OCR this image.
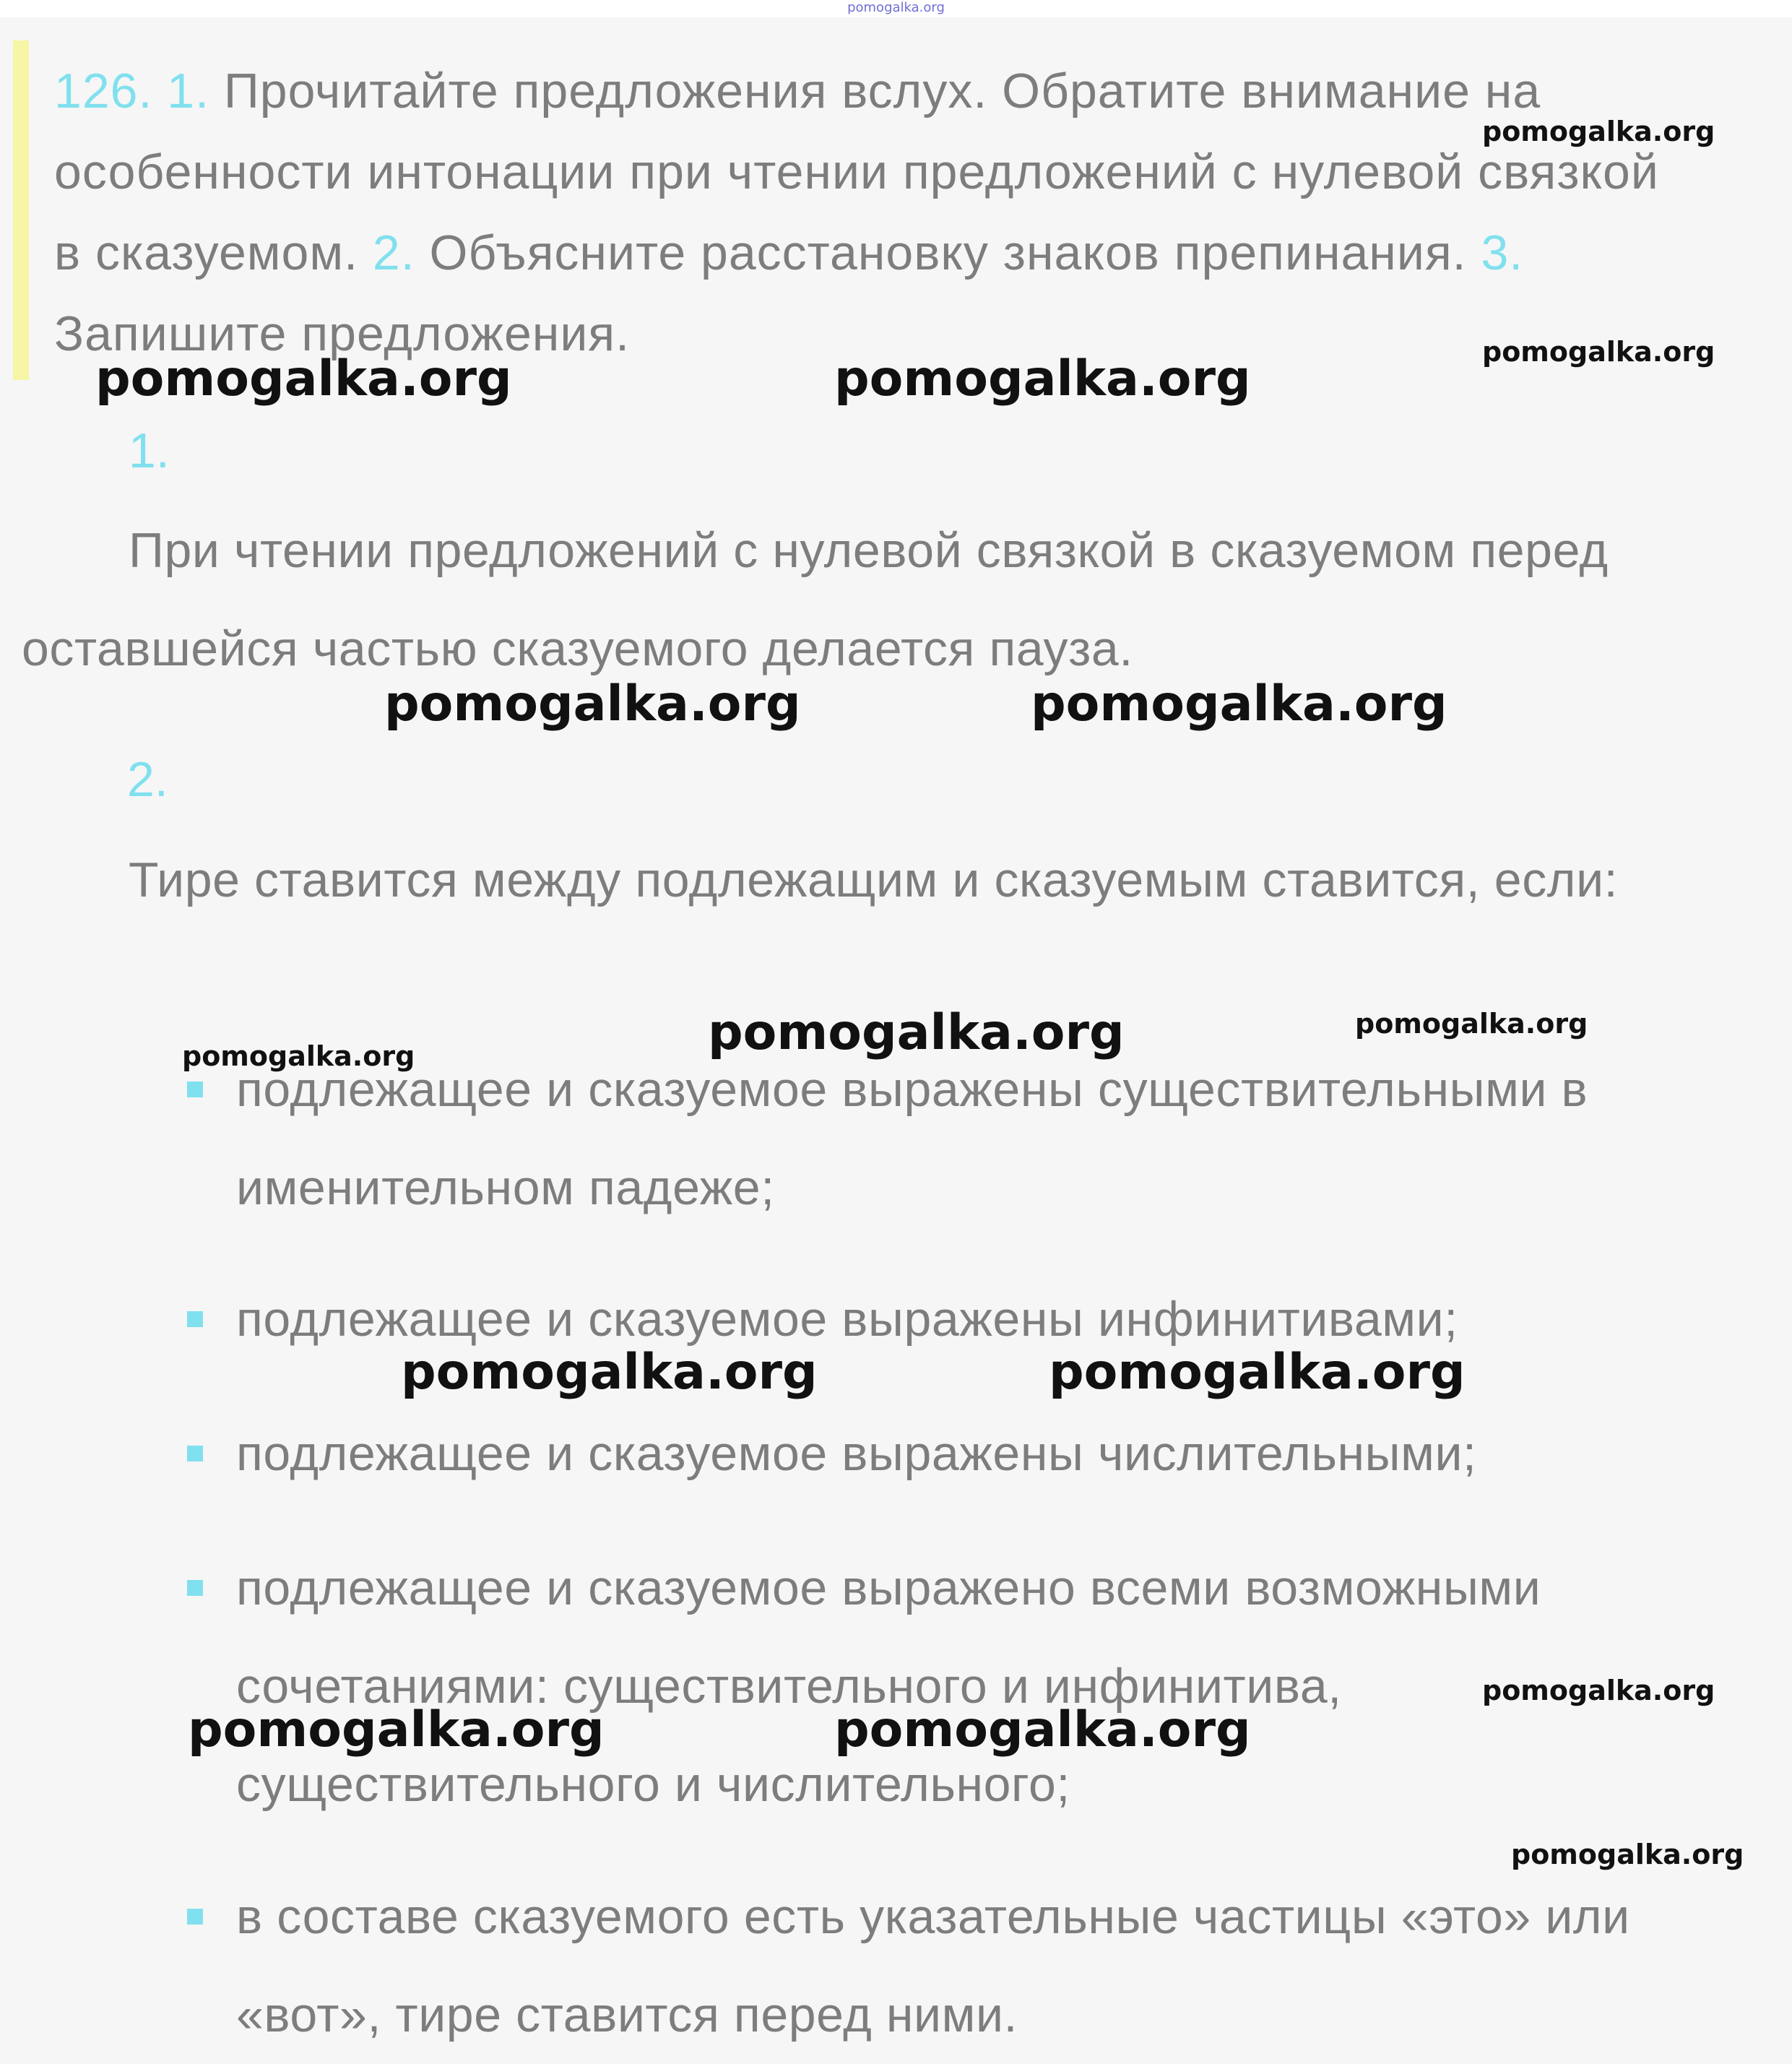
pomogalka.org
126. 1. Прочитайте предложения вслух. Обратите внимание на особенности интонации при чтении предложений с нулевой связкой в сказуемом. 2. Объясните расстановку знаков препинания. 3. Запишите предложения.
1.
При чтении предложений с нулевой связкой в сказуемом перед оставшейся частью сказуемого делается пауза.
2.
Тире ставится между подлежащим и сказуемым ставится, если:
подлежащее и сказуемое выражены существительными в именительном падеже;
подлежащее и сказуемое выражены инфинитивами;
подлежащее и сказуемое выражены числительными;
подлежащее и сказуемое выражено всеми возможными сочетаниями: существительного и инфинитива, существительного и числительного;
в составе сказуемого есть указательные частицы «это» или «вот», тире ставится перед ними.
pomogalka.org
pomogalka.org
pomogalka.org	pomogalka.org
pomogalka.org	pomogalka.org
pomogalka.org	pomogalka.org
pomogalka.org
pomogalka.org	pomogalka.org
pomogalka.org	pomogalka.org
pomogalka.org
pomogalka.org
